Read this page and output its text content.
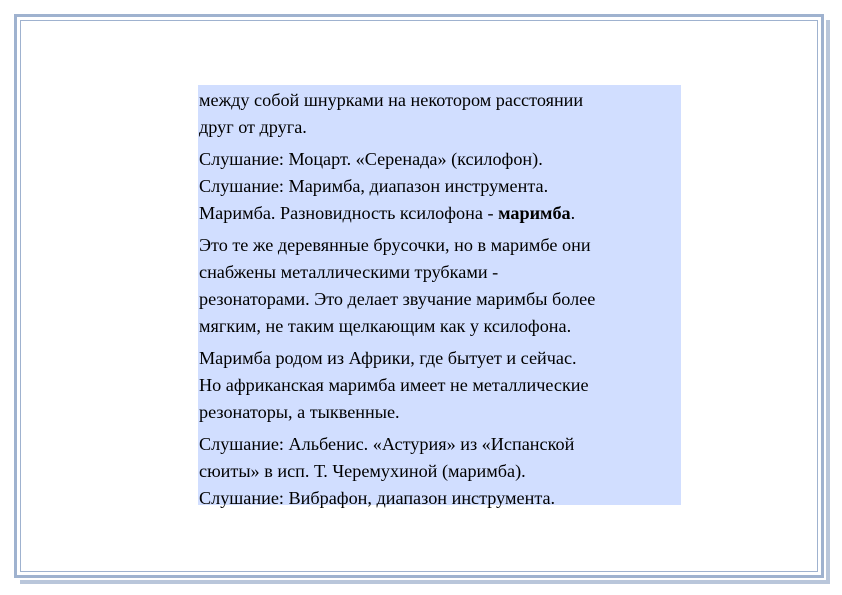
между собой шнурками на некотором расстоянии
друг от друга.

Слушание: Моцарт. «Серенада» (ксилофон).
Слушание: Маримба, диапазон инструмента.
Маримба. Разновидность ксилофона - маримба.

Это те же деревянные брусочки, но в маримбе они
снабжены металлическими трубками -
резонаторами. Это делает звучание маримбы более
мягким, не таким щелкающим как у ксилофона.

Маримба родом из Африки, где бытует и сейчас.
Но африканская маримба имеет не металлические
резонаторы, а тыквенные.

Слушание: Альбенис. «Астурия» из «Испанской
сюиты» в исп. Т. Черемухиной (маримба).
Слушание: Вибрафон, диапазон инструмента.
